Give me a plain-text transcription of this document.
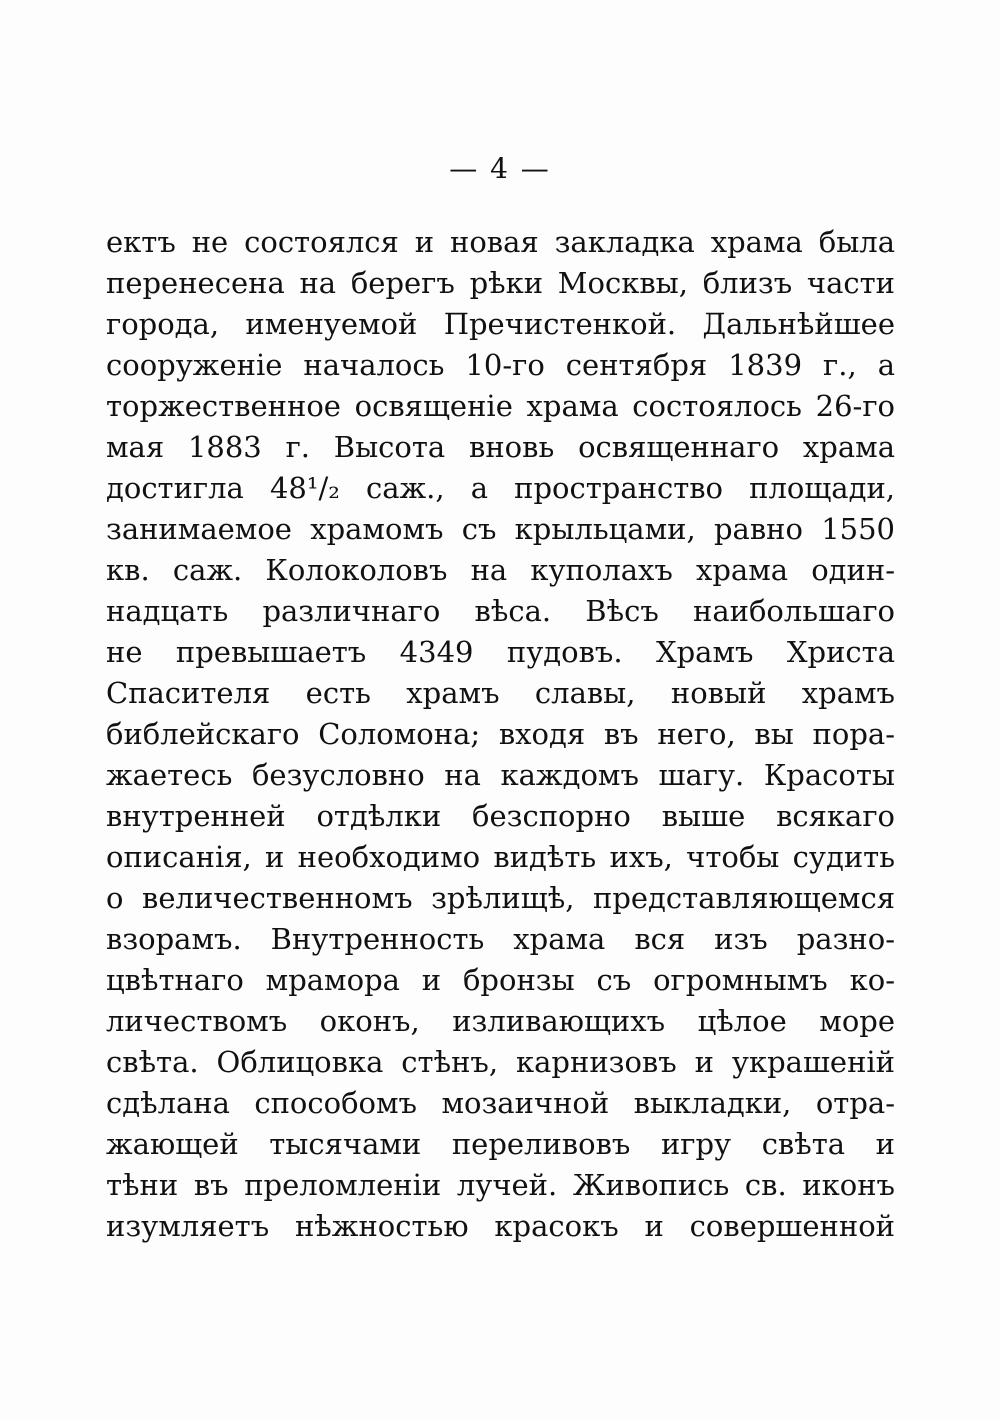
— 4 —
ектъ не состоялся и новая закладка храма была
перенесена на берегъ рѣки Москвы, близъ части
города, именуемой Пречистенкой. Дальнѣйшее
сооруженіе началось 10-го сентября 1839 г., а
торжественное освященіе храма состоялось 26-го
мая 1883 г. Высота вновь освященнаго храма
достигла 48¹/₂ саж., а пространство площади,
занимаемое храмомъ съ крыльцами, равно 1550
кв. саж. Колоколовъ на куполахъ храма один-
надцать различнаго вѣса. Вѣсъ наибольшаго
не превышаетъ 4349 пудовъ. Храмъ Христа
Спасителя есть храмъ славы, новый храмъ
библейскаго Соломона; входя въ него, вы пора-
жаетесь безусловно на каждомъ шагу. Красоты
внутренней отдѣлки безспорно выше всякаго
описанія, и необходимо видѣть ихъ, чтобы судить
о величественномъ зрѣлищѣ, представляющемся
взорамъ. Внутренность храма вся изъ разно-
цвѣтнаго мрамора и бронзы съ огромнымъ ко-
личествомъ оконъ, изливающихъ цѣлое море
свѣта. Облицовка стѣнъ, карнизовъ и украшеній
сдѣлана способомъ мозаичной выкладки, отра-
жающей тысячами переливовъ игру свѣта и
тѣни въ преломленіи лучей. Живопись св. иконъ
изумляетъ нѣжностью красокъ и совершенной
